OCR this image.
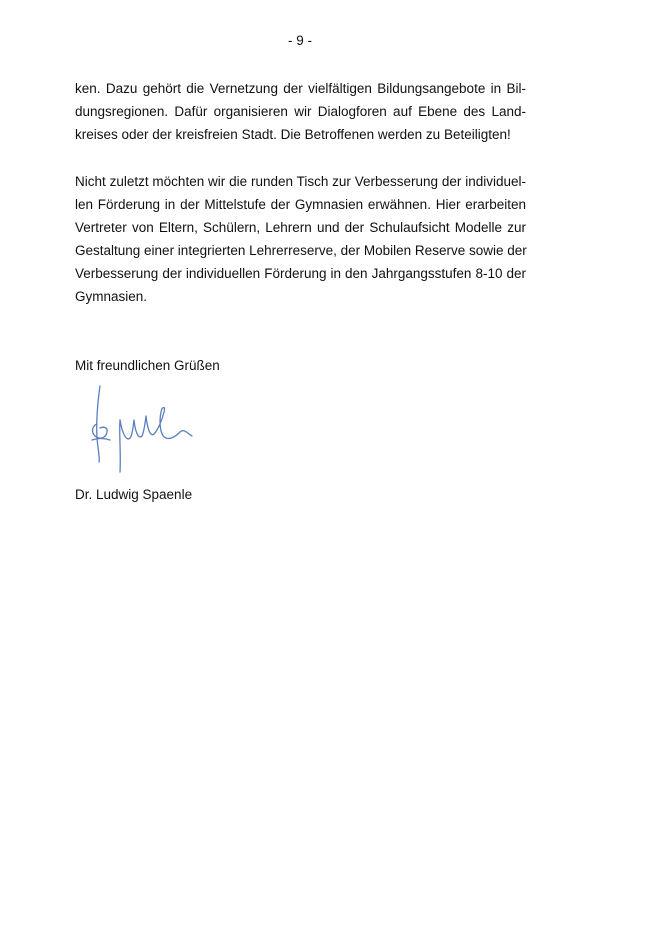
- 9 -
ken. Dazu gehört die Vernetzung der vielfältigen Bildungsangebote in Bil-
dungsregionen. Dafür organisieren wir Dialogforen auf Ebene des Land-
kreises oder der kreisfreien Stadt. Die Betroffenen werden zu Beteiligten!
Nicht zuletzt möchten wir die runden Tisch zur Verbesserung der individuel-
len Förderung in der Mittelstufe der Gymnasien erwähnen. Hier erarbeiten
Vertreter von Eltern, Schülern, Lehrern und der Schulaufsicht Modelle zur
Gestaltung einer integrierten Lehrerreserve, der Mobilen Reserve sowie der
Verbesserung der individuellen Förderung in den Jahrgangsstufen 8-10 der
Gymnasien.
Mit freundlichen Grüßen
Dr. Ludwig Spaenle
